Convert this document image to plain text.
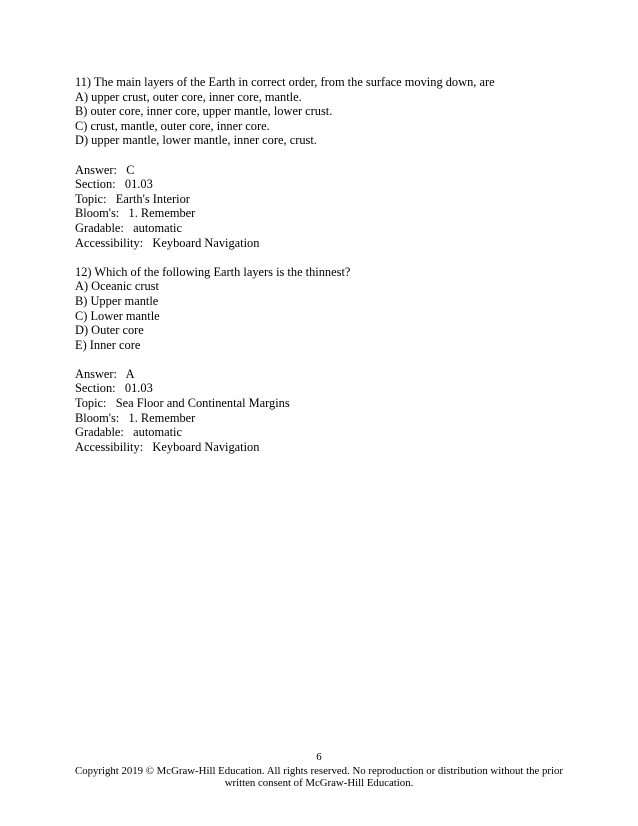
11) The main layers of the Earth in correct order, from the surface moving down, are
A) upper crust, outer core, inner core, mantle.
B) outer core, inner core, upper mantle, lower crust.
C) crust, mantle, outer core, inner core.
D) upper mantle, lower mantle, inner core, crust.
Answer:   C
Section:   01.03
Topic:   Earth's Interior
Bloom's:   1. Remember
Gradable:   automatic
Accessibility:   Keyboard Navigation
12) Which of the following Earth layers is the thinnest?
A) Oceanic crust
B) Upper mantle
C) Lower mantle
D) Outer core
E) Inner core
Answer:   A
Section:   01.03
Topic:   Sea Floor and Continental Margins
Bloom's:   1. Remember
Gradable:   automatic
Accessibility:   Keyboard Navigation
6
Copyright 2019 © McGraw-Hill Education. All rights reserved. No reproduction or distribution without the prior
written consent of McGraw-Hill Education.
